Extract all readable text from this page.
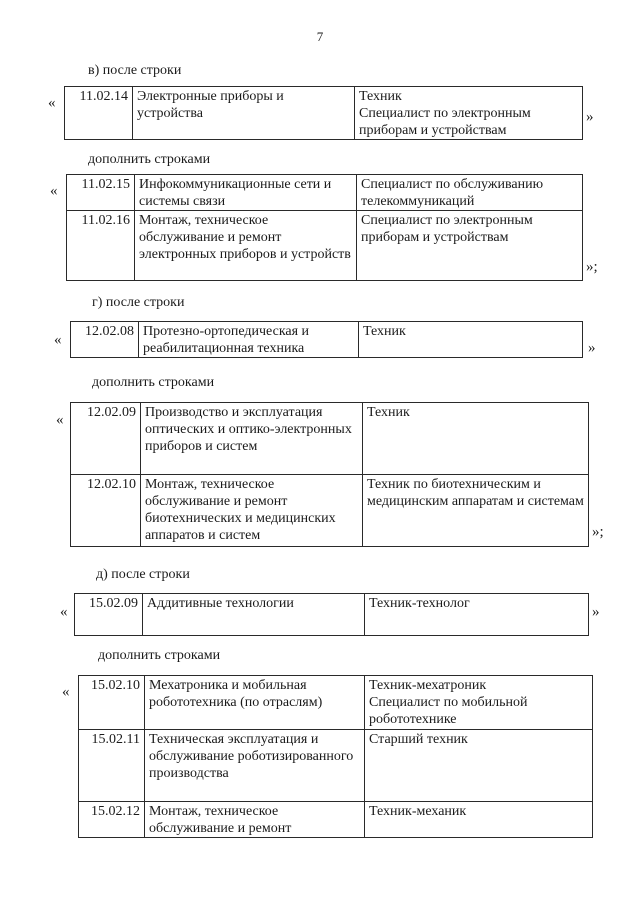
7
в) после строки
« 11.02.14	Электронные приборы и устройства	Техник
Специалист по электронным приборам и устройствам
»
дополнить строками
« 11.02.15	Инфокоммуникационные сети и системы связи	Специалист по обслуживанию телекоммуникаций
11.02.16	Монтаж, техническое обслуживание и ремонт электронных приборов и устройств	Специалист по электронным приборам и устройствам
»;
г) после строки
«
12.02.08	Протезно-ортопедическая и реабилитационная техника	Техник
»
дополнить строками
« 12.02.09	Производство и эксплуатация оптических и оптико-электронных приборов и систем	Техник
12.02.10	Монтаж, техническое обслуживание и ремонт биотехнических и медицинских аппаратов и систем	Техник по биотехническим и медицинским аппаратам и системам
»;
д) после строки
«
15.02.09	Аддитивные технологии	Техник-технолог
»
дополнить строками
« 15.02.10	Мехатроника и мобильная робототехника (по отраслям)	Техник-мехатроник
Специалист по мобильной робототехнике
15.02.11	Техническая эксплуатация и обслуживание роботизированного производства	Старший техник
15.02.12	Монтаж, техническое обслуживание и ремонт	Техник-механик
